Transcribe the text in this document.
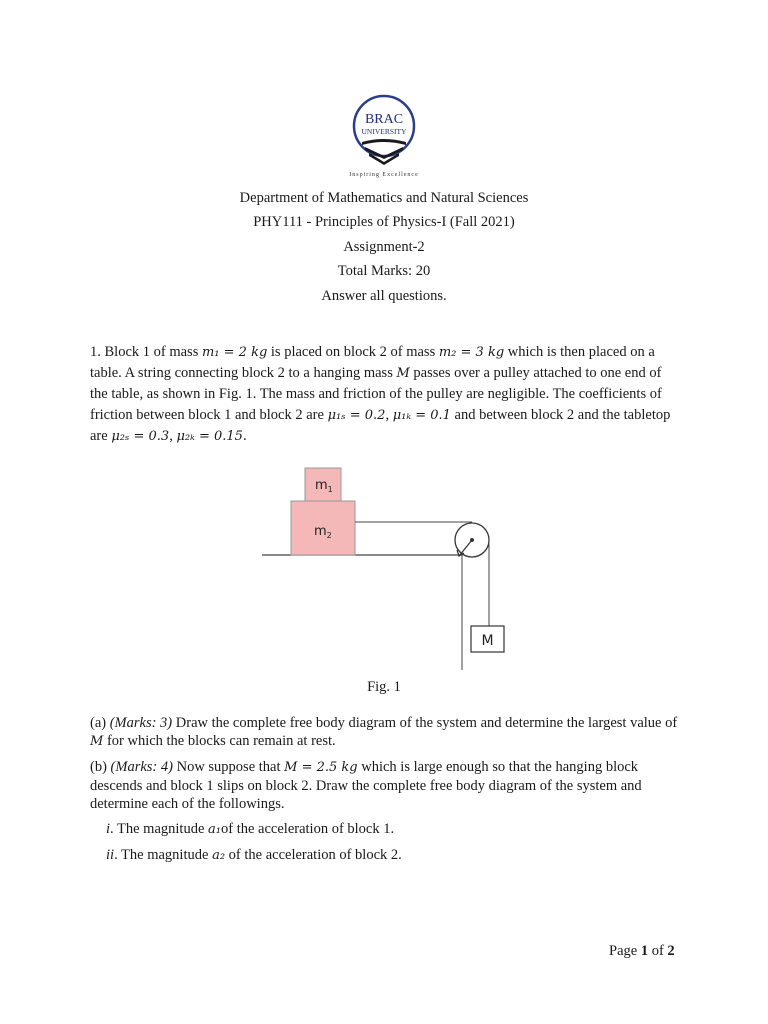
BRAC
UNIVERSITY
Inspiring Excellence
Department of Mathematics and Natural Sciences
PHY111 - Principles of Physics-I (Fall 2021)
Assignment-2
Total Marks: 20
Answer all questions.
1. Block 1 of mass m₁ = 2 kg is placed on block 2 of mass m₂ = 3 kg which is then placed on a table. A string connecting block 2 to a hanging mass M passes over a pulley attached to one end of the table, as shown in Fig. 1. The mass and friction of the pulley are negligible. The coefficients of friction between block 1 and block 2 are μ₁ₛ = 0.2, μ₁ₖ = 0.1 and between block 2 and the tabletop are μ₂ₛ = 0.3, μ₂ₖ = 0.15.
$m_2$
$m_1$
M
Fig. 1
(a) (Marks: 3) Draw the complete free body diagram of the system and determine the largest value of M for which the blocks can remain at rest.
(b) (Marks: 4) Now suppose that M = 2.5 kg which is large enough so that the hanging block descends and block 1 slips on block 2. Draw the complete free body diagram of the system and determine each of the followings.
i. The magnitude a₁of the acceleration of block 1.
ii. The magnitude a₂ of the acceleration of block 2.
Page 1 of 2
